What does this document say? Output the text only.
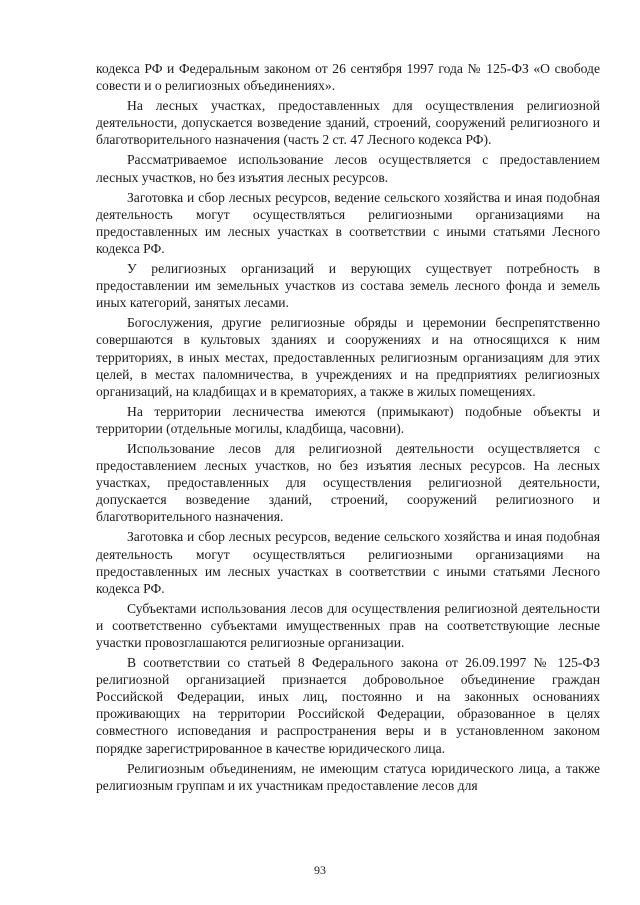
кодекса РФ и Федеральным законом от 26 сентября 1997 года № 125-ФЗ «О свободе совести и о религиозных объединениях».

На лесных участках, предоставленных для осуществления религиозной деятельности, допускается возведение зданий, строений, сооружений религиозного и благотворительного назначения (часть 2 ст. 47 Лесного кодекса РФ).

Рассматриваемое использование лесов осуществляется с предоставлением лесных участков, но без изъятия лесных ресурсов.

Заготовка и сбор лесных ресурсов, ведение сельского хозяйства и иная подобная деятельность могут осуществляться религиозными организациями на предоставленных им лесных участках в соответствии с иными статьями Лесного кодекса РФ.

У религиозных организаций и верующих существует потребность в предоставлении им земельных участков из состава земель лесного фонда и земель иных категорий, занятых лесами.

Богослужения, другие религиозные обряды и церемонии беспрепятственно совершаются в культовых зданиях и сооружениях и на относящихся к ним территориях, в иных местах, предоставленных религиозным организациям для этих целей, в местах паломничества, в учреждениях и на предприятиях религиозных организаций, на кладбищах и в крематориях, а также в жилых помещениях.

На территории лесничества имеются (примыкают) подобные объекты и территории (отдельные могилы, кладбища, часовни).

Использование лесов для религиозной деятельности осуществляется с предоставлением лесных участков, но без изъятия лесных ресурсов. На лесных участках, предоставленных для осуществления религиозной деятельности, допускается возведение зданий, строений, сооружений религиозного и благотворительного назначения.

Заготовка и сбор лесных ресурсов, ведение сельского хозяйства и иная подобная деятельность могут осуществляться религиозными организациями на предоставленных им лесных участках в соответствии с иными статьями Лесного кодекса РФ.

Субъектами использования лесов для осуществления религиозной деятельности и соответственно субъектами имущественных прав на соответствующие лесные участки провозглашаются религиозные организации.

В соответствии со статьей 8 Федерального закона от 26.09.1997 № 125-ФЗ религиозной организацией признается добровольное объединение граждан Российской Федерации, иных лиц, постоянно и на законных основаниях проживающих на территории Российской Федерации, образованное в целях совместного исповедания и распространения веры и в установленном законом порядке зарегистрированное в качестве юридического лица.

Религиозным объединениям, не имеющим статуса юридического лица, а также религиозным группам и их участникам предоставление лесов для

93
